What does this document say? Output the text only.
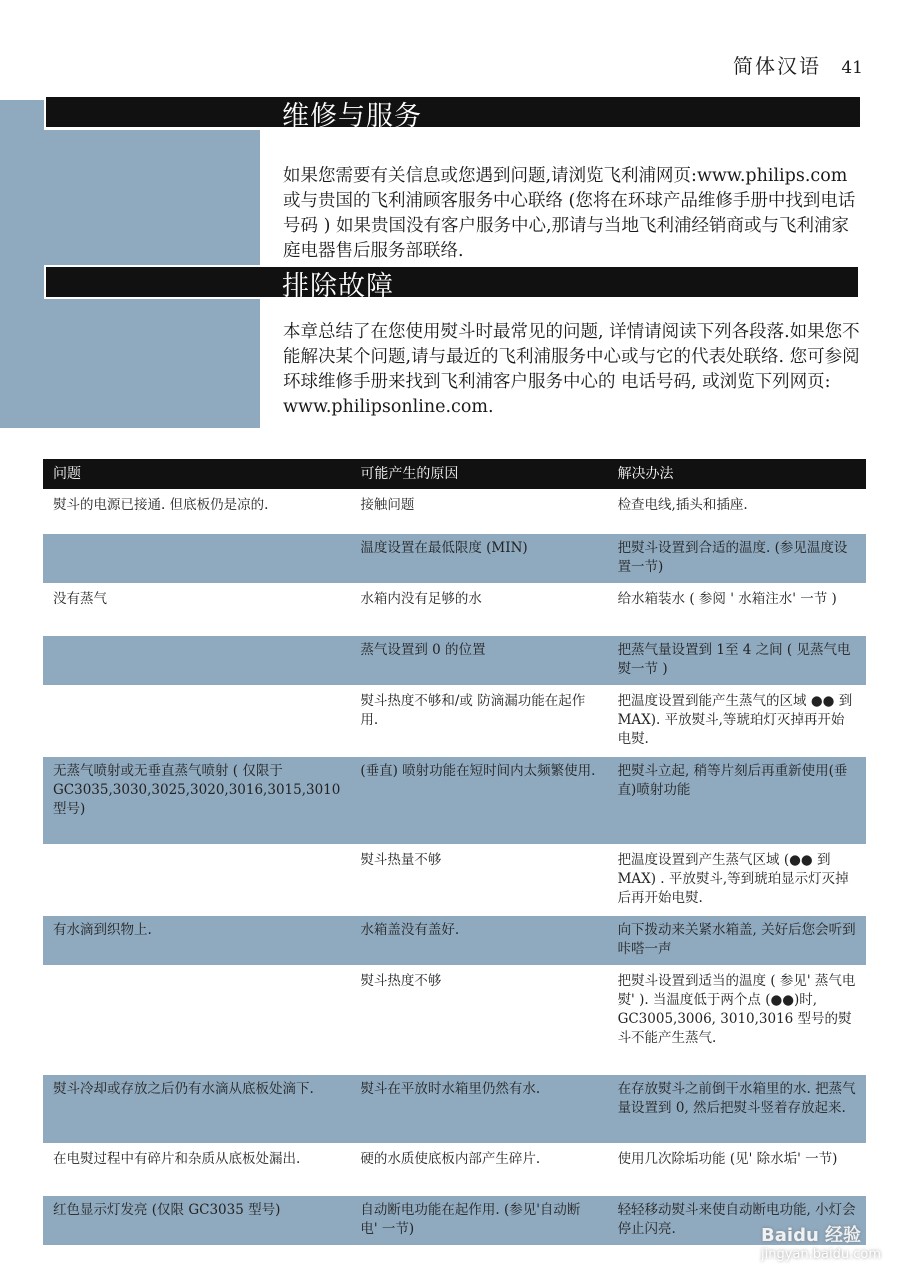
简体汉语 41
维修与服务
如果您需要有关信息或您遇到问题,请浏览飞利浦网页:www.philips.com 或与贵国的飞利浦顾客服务中心联络 (您将在环球产品维修手册中找到电话号码 ) 如果贵国没有客户服务中心,那请与当地飞利浦经销商或与飞利浦家庭电器售后服务部联络.
排除故障
本章总结了在您使用熨斗时最常见的问题, 详情请阅读下列各段落.如果您不能解决某个问题,请与最近的飞利浦服务中心或与它的代表处联络. 您可参阅环球维修手册来找到飞利浦客户服务中心的 电话号码, 或浏览下列网页: www.philipsonline.com.
问题	可能产生的原因	解决办法
熨斗的电源已接通. 但底板仍是凉的.	接触问题	检查电线,插头和插座.
	温度设置在最低限度 (MIN)	把熨斗设置到合适的温度. (参见温度设置一节)
没有蒸气	水箱内没有足够的水	给水箱装水 ( 参阅 ' 水箱注水' 一节 )
	蒸气设置到 0 的位置	把蒸气量设置到 1至 4 之间 ( 见蒸气电熨一节 )
	熨斗热度不够和/或 防滴漏功能在起作用.	把温度设置到能产生蒸气的区域 ●● 到 MAX). 平放熨斗,等琥珀灯灭掉再开始电熨.
无蒸气喷射或无垂直蒸气喷射 ( 仅限于 GC3035,3030,3025,3020,3016,3015,3010 型号)	(垂直) 喷射功能在短时间内太频繁使用.	把熨斗立起, 稍等片刻后再重新使用(垂直)喷射功能
	熨斗热量不够	把温度设置到产生蒸气区域 (●● 到 MAX) . 平放熨斗,等到琥珀显示灯灭掉后再开始电熨.
有水滴到织物上.	水箱盖没有盖好.	向下拨动来关紧水箱盖, 关好后您会听到咔嗒一声
	熨斗热度不够	把熨斗设置到适当的温度 ( 参见' 蒸气电熨' ). 当温度低于两个点 (●●)时, GC3005,3006, 3010,3016 型号的熨斗不能产生蒸气.
熨斗冷却或存放之后仍有水滴从底板处滴下.	熨斗在平放时水箱里仍然有水.	在存放熨斗之前倒干水箱里的水. 把蒸气量设置到 0, 然后把熨斗竖着存放起来.
在电熨过程中有碎片和杂质从底板处漏出.	硬的水质使底板内部产生碎片.	使用几次除垢功能 (见' 除水垢' 一节)
红色显示灯发亮 (仅限 GC3035 型号)	自动断电功能在起作用. (参见'自动断电' 一节)	轻轻移动熨斗来使自动断电功能, 小灯会停止闪亮.	Baidu 经验
jingyan.baidu.com
